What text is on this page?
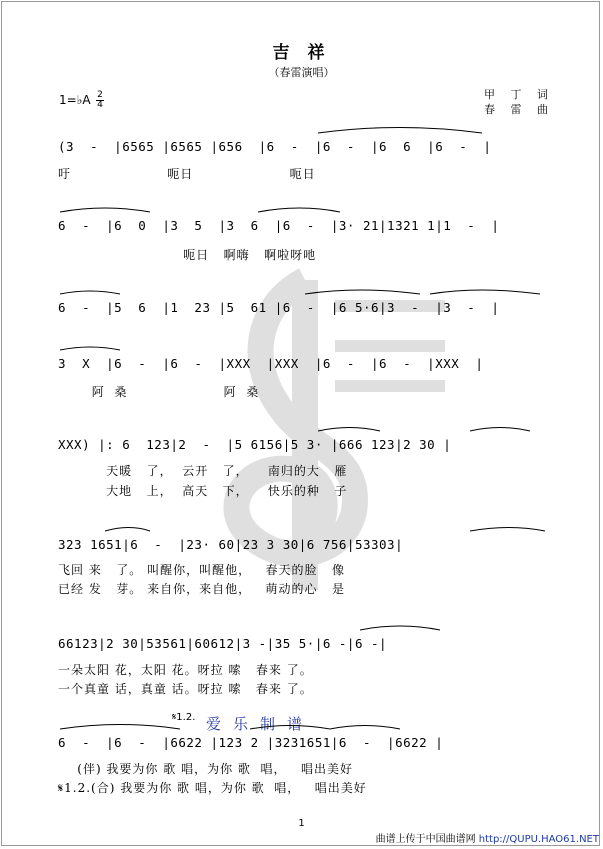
吉 祥
（春雷演唱）
甲 丁 词
春 雷 曲
1=♭A 2
4
(3  -  |6565 |6565 |656  |6  -  |6  -  |6  6  |6  -  |
吁                    呃日                    呃日
6  -  |6  0  |3  5  |3  6  |6  -  |3· 21|1321 1|1  -  |
呃日   啊嗨   啊啦呀吔
6  -  |5  6  |1  23 |5  61 |6  -  |6 5·6|3  -  |3  -  |
3  X  |6  -  |6  -  |XXX  |XXX  |6  -  |6  -  |XXX  |
阿  桑                    阿  桑
XXX) |: 6  123|2  -  |5 6156|5 3· |666 123|2 30 |
天暖   了，  云开   了，    南归的大   雁
大地   上，  高天   下，    快乐的种   子
323 1651|6  -  |23· 60|23 3 30|6 756|53303|
飞回 来   了。 叫醒你，叫醒他，   春天的脸   像
已经 发   芽。 来自你，来自他，   萌动的心   是
66123|2 30|53561|60612|3 -|35 5·|6 -|6 -|
一朵太阳 花，太阳 花。呀拉 嗦   春来 了。
一个真童 话，真童 话。呀拉 嗦   春来 了。
𝄋1.2. 爱乐制谱
6  -  |6  -  |6622 |123 2 |3231651|6  -  |6622 |
(伴) 我要为你 歌 唱，为你 歌  唱，   唱出美好
𝄋1.2.(合) 我要为你 歌 唱，为你 歌  唱，   唱出美好
1
曲谱上传于中国曲谱网 http://QUPU.HAO61.NET
